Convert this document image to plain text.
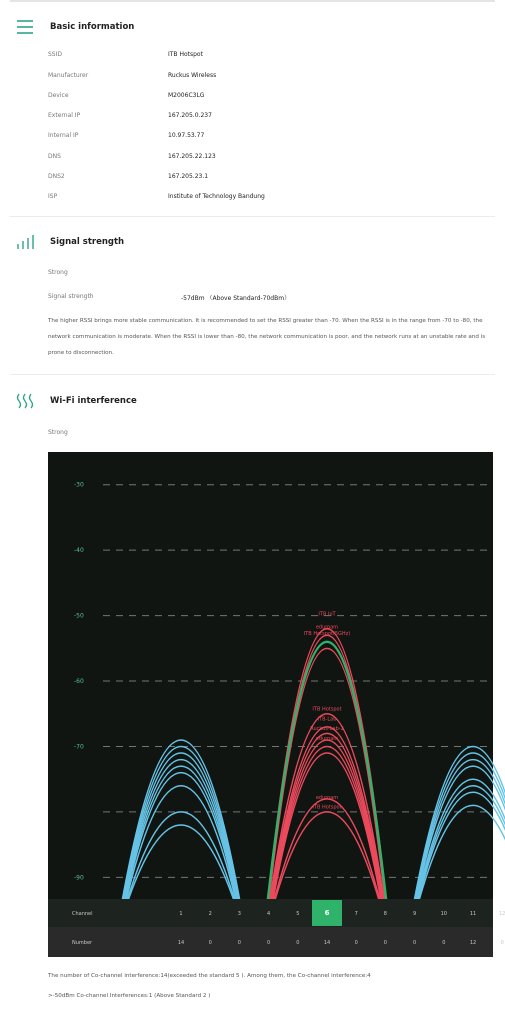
Basic information
SSID	ITB Hotspot
Manufacturer	Ruckus Wireless
Device	M2006C3LG
External IP	167.205.0.237
Internal IP	10.97.53.77
DNS	167.205.22.123
DNS2	167.205.23.1
ISP	Institute of Technology Bandung
Signal strength
Strong
Signal strength	-57dBm （Above Standard-70dBm）
The higher RSSI brings more stable communication. It is recommended to set the RSSI greater than -70. When the RSSI is in the range from -70 to -80, the network communication is moderate. When the RSSI is lower than -80, the network communication is poor, and the network runs at an unstable rate and is prone to disconnection.
Wi-Fi interference
Strong
-30
-40
-50
-60
-70
-90
ITB IoT
eduroam
ITB Hotspot(5GHz)
ITB Hotspot
ITB-Lab
Ruckus-Lab-2
eduroam
eduroam
ITB Hotspot
Channel	1	2	3	4	5	6	7	8	9	10	11	12
Number	14	0	0	0	0	14	0	0	0	0	12	0
The number of Co-channel interference:14(exceeded the standard 5 ). Among them, the Co-channel interference:4
>-50dBm Co-channel Interferences:1 (Above Standard 2 )
